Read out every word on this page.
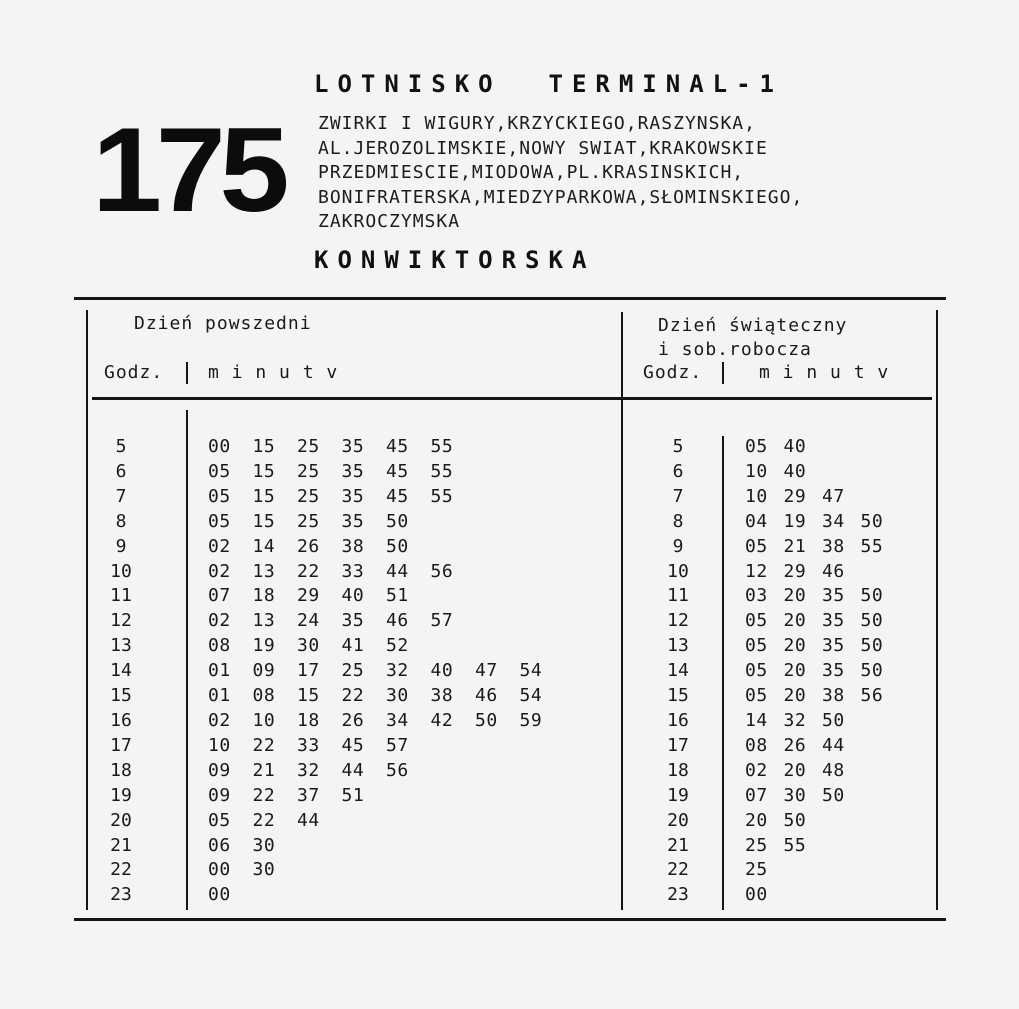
175
LOTNISKO  TERMINAL-1
ZWIRKI I WIGURY,KRZYCKIEGO,RASZYNSKA,
AL.JEROZOLIMSKIE,NOWY SWIAT,KRAKOWSKIE
PRZEDMIESCIE,MIODOWA,PL.KRASINSKICH,
BONIFRATERSKA,MIEDZYPARKOWA,SŁOMINSKIEGO,
ZAKROCZYMSKA
KONWIKTORSKA
Dzień powszedni
Godz. m i n u t v
Dzień świąteczny
i sob.robocza
Godz.	m i n u t v
5
6
7
8
9
10
11
12
13
14
15
16
17
18
19
20
21
22
23
00 15 25 35 45 55
05 15 25 35 45 55
05 15 25 35 45 55
05 15 25 35 50
02 14 26 38 50
02 13 22 33 44 56
07 18 29 40 51
02 13 24 35 46 57
08 19 30 41 52
01 09 17 25 32 40 47 54
01 08 15 22 30 38 46 54
02 10 18 26 34 42 50 59
10 22 33 45 57
09 21 32 44 56
09 22 37 51
05 22 44
06 30
00 30
00
5
6
7
8
9
10
11
12
13
14
15
16
17
18
19
20
21
22
23
05 40
10 40
10 29 47
04 19 34 50
05 21 38 55
12 29 46
03 20 35 50
05 20 35 50
05 20 35 50
05 20 35 50
05 20 38 56
14 32 50
08 26 44
02 20 48
07 30 50
20 50
25 55
25
00
